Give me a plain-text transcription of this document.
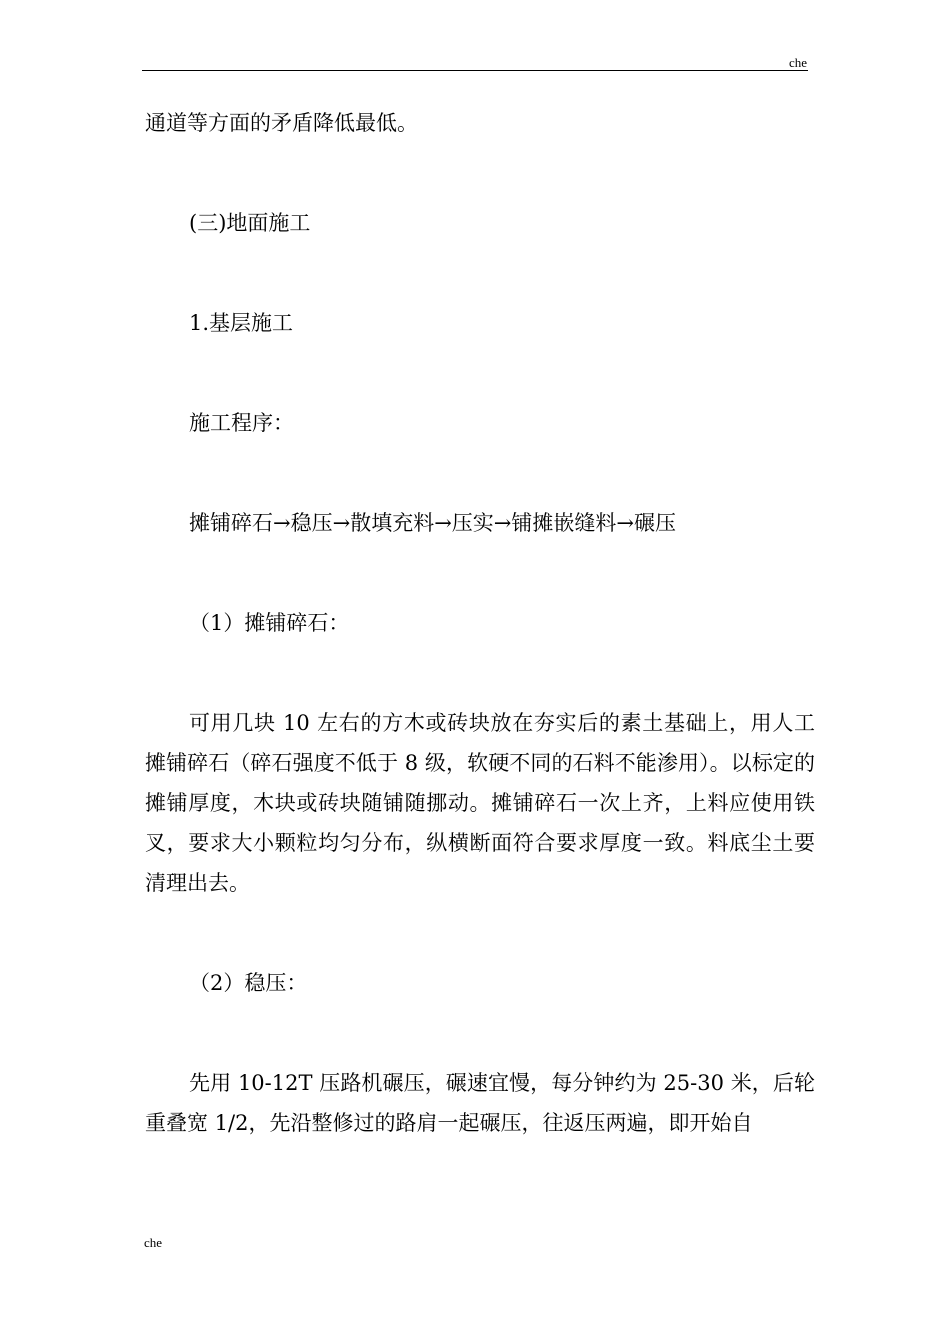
che

通道等方面的矛盾降低最低。

(三)地面施工

1.基层施工

施工程序：

摊铺碎石→稳压→散填充料→压实→铺摊嵌缝料→碾压

（1）摊铺碎石：

可用几块 10 左右的方木或砖块放在夯实后的素土基础上，用人工摊铺碎石（碎石强度不低于 8 级，软硬不同的石料不能渗用）。以标定的摊铺厚度，木块或砖块随铺随挪动。摊铺碎石一次上齐，上料应使用铁叉，要求大小颗粒均匀分布，纵横断面符合要求厚度一致。料底尘土要清理出去。

（2）稳压：

先用 10-12T 压路机碾压，碾速宜慢，每分钟约为 25-30 米，后轮重叠宽 1/2，先沿整修过的路肩一起碾压，往返压两遍，即开始自

che
